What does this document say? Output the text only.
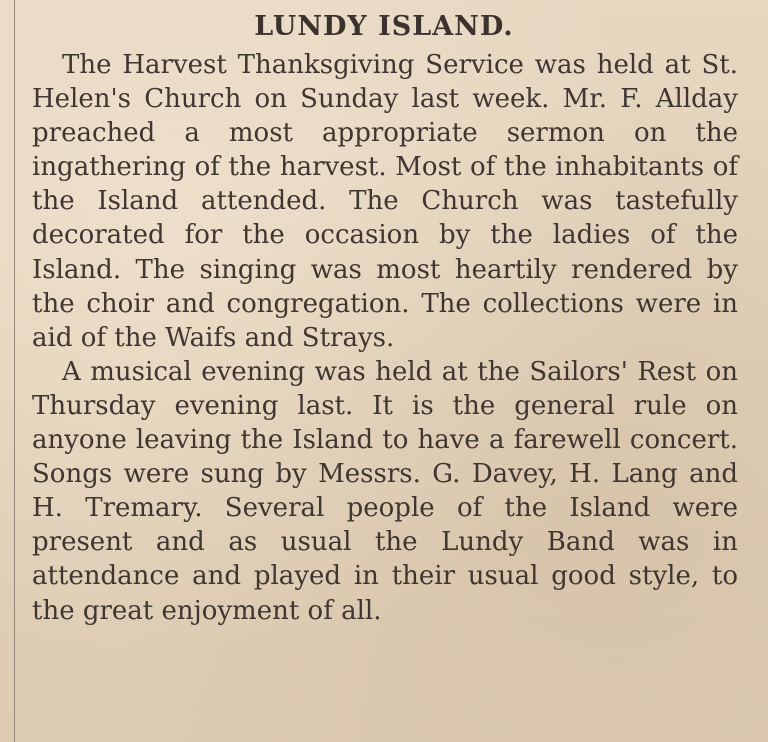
LUNDY ISLAND.

The Harvest Thanksgiving Service was held at St. Helen's Church on Sunday last week. Mr. F. Allday preached a most appropriate sermon on the ingathering of the harvest. Most of the inhabitants of the Island attended. The Church was tastefully decorated for the occasion by the ladies of the Island. The singing was most heartily rendered by the choir and congregation. The collections were in aid of the Waifs and Strays.

A musical evening was held at the Sailors' Rest on Thursday evening last. It is the general rule on anyone leaving the Island to have a farewell concert. Songs were sung by Messrs. G. Davey, H. Lang and H. Tremary. Several people of the Island were present and as usual the Lundy Band was in attendance and played in their usual good style, to the great enjoyment of all.
